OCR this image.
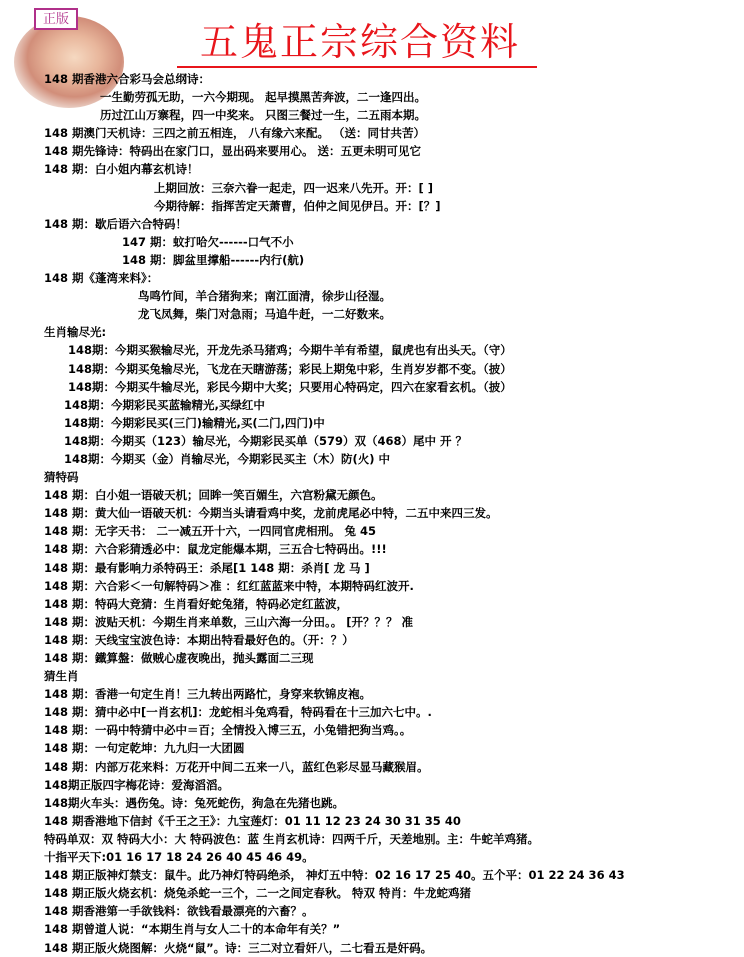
正版
五鬼正宗综合资料
148 期香港六合彩马会总纲诗：
一生勤劳孤无助，一六今期现。 起早摸黑苦奔波，二一逢四出。
历过江山万寨程，四一中奖来。 只图三餐过一生，二五雨本期。
148 期澳门天机诗：三四之前五相连， 八有缘六来配。 （送：同甘共苦）
148 期先锋诗：特码出在家门口，显出码来要用心。 送：五更未明可见它
148 期：白小姐内幕玄机诗！
上期回放：三奈六眷一起走，四一迟来八先开。开：[ ]
今期待解：指挥苦定天萧曹，伯仲之间见伊吕。开：[？]
148 期：歇后语六合特码！
147 期：蚊打哈欠------口气不小
148 期：脚盆里撑船------内行(航)
148 期《蓬湾来料》：
鸟鸣竹间，羊合猪狗来；南江面清，徐步山径湿。
龙飞凤舞，柴门对急雨；马追牛赶，一二好数来。
生肖输尽光:
148期：今期买猴输尽光，开龙先杀马猪鸡；今期牛羊有希望，鼠虎也有出头天。（守）
148期：今期买兔输尽光，飞龙在天瞎游荡；彩民上期兔中彩，生肖岁岁都不变。（披）
148期：今期买牛输尽光，彩民今期中大奖；只要用心特码定，四六在家看玄机。（披）
148期：今期彩民买蓝输精光,买绿红中
148期：今期彩民买(三门)输精光,买(二门,四门)中
148期：今期买（123）输尽光，今期彩民买单（579）双（468）尾中 开 ？
148期：今期买（金）肖输尽光，今期彩民买主（木）防(火) 中
猜特码
148 期：白小姐一语破天机；回眸一笑百媚生，六宫粉黛无颜色。
148 期：黄大仙一语破天机：今期当头请看鸡中奖，龙前虎尾必中特，二五中来四三发。
148 期：无字天书： 二一减五开十六，一四同官虎相刑。 兔 45
148 期：六合彩猜透必中：鼠龙定能爆本期，三五合七特码出。!!!
148 期：最有影响力杀特码王：杀尾[1 148 期：杀肖[ 龙 马 ]
148 期：六合彩＜一句解特码＞准 ：红红蓝蓝来中特，本期特码红波开.
148 期：特码大竞猜：生肖看好蛇兔猪，特码必定红蓝波，
148 期：波贴天机：今期生肖来单数，三山六海一分田。。 [开？？？ 准
148 期：天线宝宝波色诗：本期出特看最好色的。（开：？）
148 期：鐵算盤：做贼心虚夜晚出，抛头露面二三现
猜生肖
148 期：香港一句定生肖！三九转出两路忙，身穿来软锦皮袍。
148 期：猜中必中[一肖玄机]：龙蛇相斗兔鸡看，特码看在十三加六七中。.
148 期：一码中特猜中必中＝百；全情投入博三五，小兔错把狗当鸡。。
148 期：一句定乾坤：九九归一大团圆
148 期：内部万花来料：万花开中间二五来一八，蓝红色彩尽显马藏猴眉。
148期正版四字梅花诗：爱海滔滔。
148期火车头：遇伤兔。诗：兔死蛇伤，狗急在先猪也跳。
148 期香港地下信封《千王之王》：九宝莲灯：01 11 12 23 24 30 31 35 40
特码单双：双 特码大小：大 特码波色：蓝 生肖玄机诗：四两千斤，天差地别。主：牛蛇羊鸡猪。
十指平天下:01 16 17 18 24 26 40 45 46 49。
148 期正版神灯禁支：鼠牛。此乃神灯特码绝杀， 神灯五中特：02 16 17 25 40。五个平：01 22 24 36 43
148 期正版火烧玄机：烧兔杀蛇一三个，二一之间定春秋。 特双 特肖：牛龙蛇鸡猪
148 期香港第一手欲钱料：欲钱看最漂亮的六畜？。
148 期曾道人说：“本期生肖与女人二十的本命年有关？”
148 期正版火烧图解：火烧“鼠”。诗：三二对立看奸八，二七看五是奸码。
